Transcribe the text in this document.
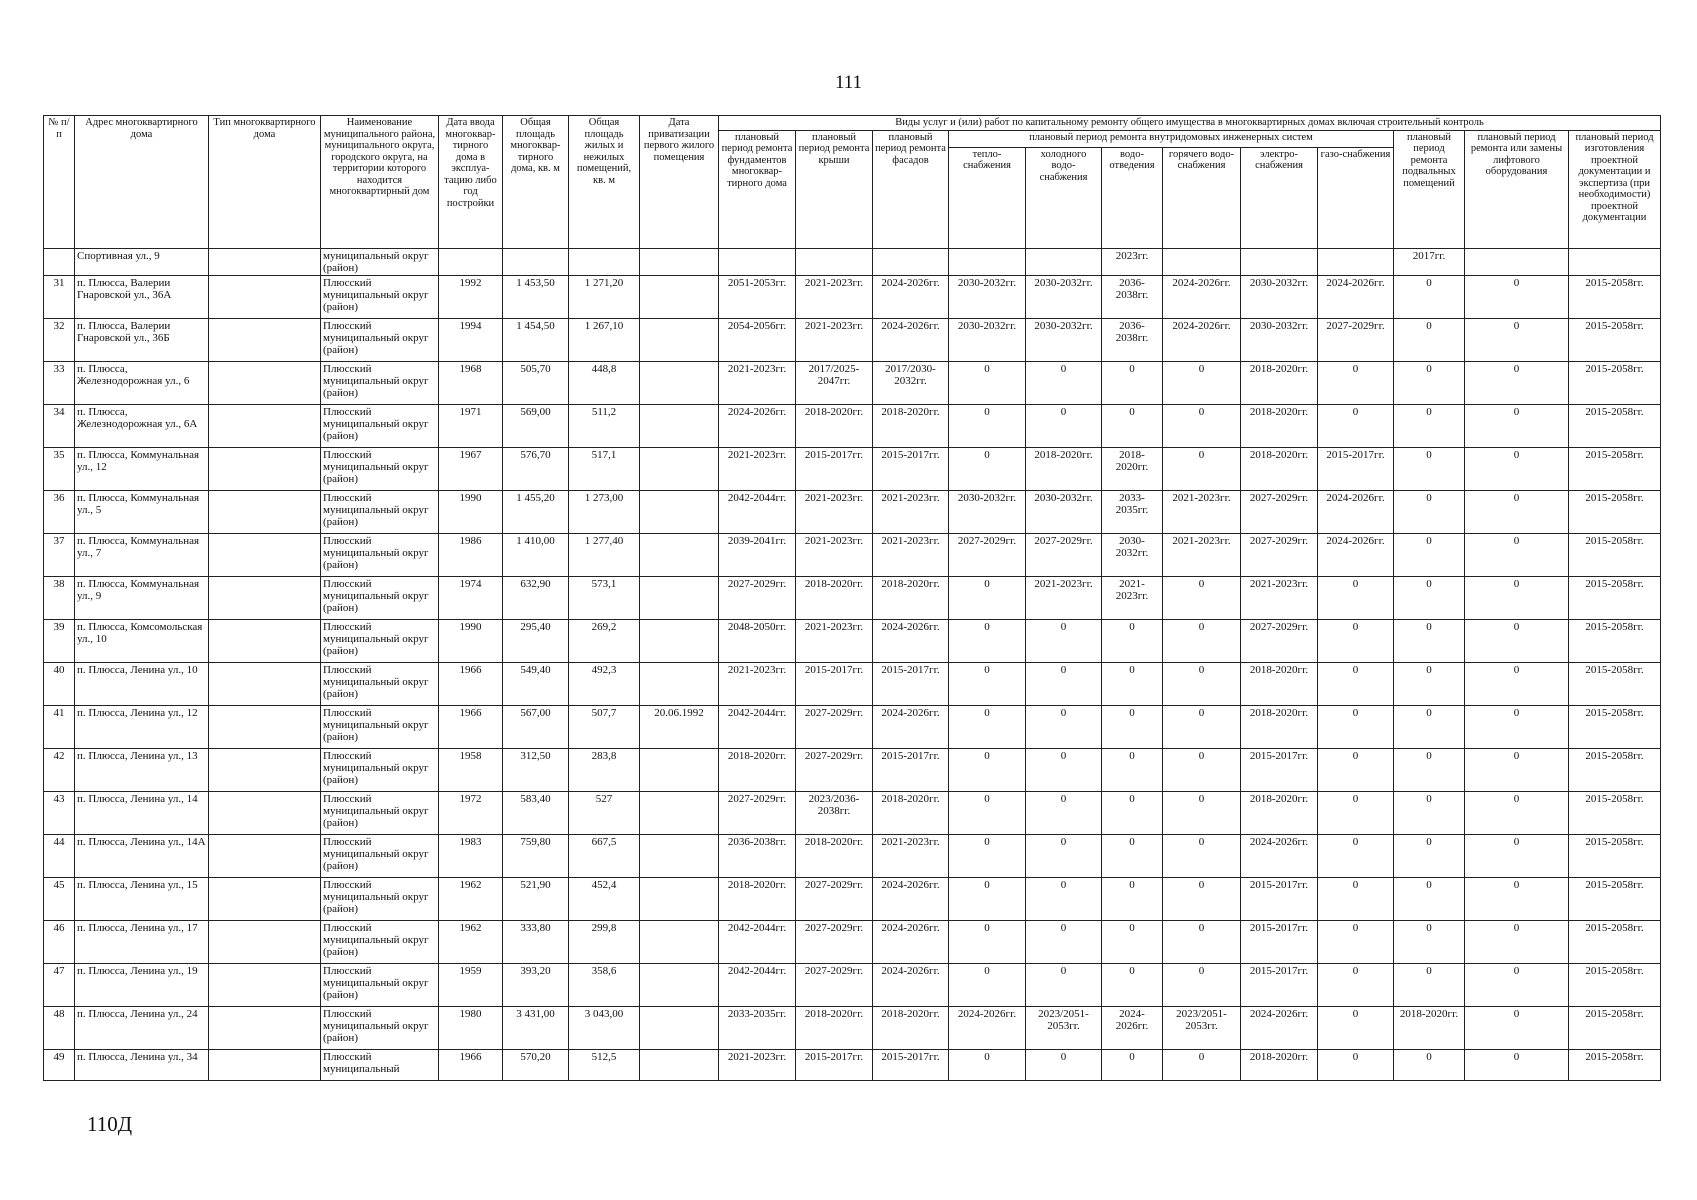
111
№ п/п	Адрес многоквартирного дома	Тип многоквартирного дома	Наименование муниципального района, муниципального округа, городского округа, на территории которого находится многоквартирный дом	Дата ввода многоквар-тирного дома в эксплуа-тацию либо год постройки	Общая площадь многоквар-тирного дома, кв. м	Общая площадь жилых и нежилых помещений, кв. м	Дата приватизации первого жилого помещения	Виды услуг и (или) работ по капитальному ремонту общего имущества в многоквартирных домах включая строительный контроль											
								плановый период ремонта фундаментов многоквар-тирного дома	плановый период ремонта крыши	плановый период ремонта фасадов	плановый период ремонта внутридомовых инженерных систем						плановый период ремонта подвальных помещений	плановый период ремонта или замены лифтового оборудования	плановый период изготовления проектной документации и экспертиза (при необходимости) проектной документации
											тепло-снабжения	холодного водо-снабжения	водо-отведения	горячего водо-снабжения	электро-снабжения	газо-снабжения			
	Спортивная ул., 9		муниципальный округ (район)										2023гг.				2017гг.		
31	п. Плюсса, Валерии Гнаровской ул., 36А		Плюсский муниципальный округ (район)	1992	1 453,50	1 271,20		2051-2053гг.	2021-2023гг.	2024-2026гг.	2030-2032гг.	2030-2032гг.	2036-2038гг.	2024-2026гг.	2030-2032гг.	2024-2026гг.	0	0	2015-2058гг.
32	п. Плюсса, Валерии Гнаровской ул., 36Б		Плюсский муниципальный округ (район)	1994	1 454,50	1 267,10		2054-2056гг.	2021-2023гг.	2024-2026гг.	2030-2032гг.	2030-2032гг.	2036-2038гг.	2024-2026гг.	2030-2032гг.	2027-2029гг.	0	0	2015-2058гг.
33	п. Плюсса, Железнодорожная ул., 6		Плюсский муниципальный округ (район)	1968	505,70	448,8		2021-2023гг.	2017/2025-2047гг.	2017/2030-2032гг.	0	0	0	0	2018-2020гг.	0	0	0	2015-2058гг.
34	п. Плюсса, Железнодорожная ул., 6А		Плюсский муниципальный округ (район)	1971	569,00	511,2		2024-2026гг.	2018-2020гг.	2018-2020гг.	0	0	0	0	2018-2020гг.	0	0	0	2015-2058гг.
35	п. Плюсса, Коммунальная ул., 12		Плюсский муниципальный округ (район)	1967	576,70	517,1		2021-2023гг.	2015-2017гг.	2015-2017гг.	0	2018-2020гг.	2018-2020гг.	0	2018-2020гг.	2015-2017гг.	0	0	2015-2058гг.
36	п. Плюсса, Коммунальная ул., 5		Плюсский муниципальный округ (район)	1990	1 455,20	1 273,00		2042-2044гг.	2021-2023гг.	2021-2023гг.	2030-2032гг.	2030-2032гг.	2033-2035гг.	2021-2023гг.	2027-2029гг.	2024-2026гг.	0	0	2015-2058гг.
37	п. Плюсса, Коммунальная ул., 7		Плюсский муниципальный округ (район)	1986	1 410,00	1 277,40		2039-2041гг.	2021-2023гг.	2021-2023гг.	2027-2029гг.	2027-2029гг.	2030-2032гг.	2021-2023гг.	2027-2029гг.	2024-2026гг.	0	0	2015-2058гг.
38	п. Плюсса, Коммунальная ул., 9		Плюсский муниципальный округ (район)	1974	632,90	573,1		2027-2029гг.	2018-2020гг.	2018-2020гг.	0	2021-2023гг.	2021-2023гг.	0	2021-2023гг.	0	0	0	2015-2058гг.
39	п. Плюсса, Комсомольская ул., 10		Плюсский муниципальный округ (район)	1990	295,40	269,2		2048-2050гг.	2021-2023гг.	2024-2026гг.	0	0	0	0	2027-2029гг.	0	0	0	2015-2058гг.
40	п. Плюсса, Ленина ул., 10		Плюсский муниципальный округ (район)	1966	549,40	492,3		2021-2023гг.	2015-2017гг.	2015-2017гг.	0	0	0	0	2018-2020гг.	0	0	0	2015-2058гг.
41	п. Плюсса, Ленина ул., 12		Плюсский муниципальный округ (район)	1966	567,00	507,7	20.06.1992	2042-2044гг.	2027-2029гг.	2024-2026гг.	0	0	0	0	2018-2020гг.	0	0	0	2015-2058гг.
42	п. Плюсса, Ленина ул., 13		Плюсский муниципальный округ (район)	1958	312,50	283,8		2018-2020гг.	2027-2029гг.	2015-2017гг.	0	0	0	0	2015-2017гг.	0	0	0	2015-2058гг.
43	п. Плюсса, Ленина ул., 14		Плюсский муниципальный округ (район)	1972	583,40	527		2027-2029гг.	2023/2036-2038гг.	2018-2020гг.	0	0	0	0	2018-2020гг.	0	0	0	2015-2058гг.
44	п. Плюсса, Ленина ул., 14А		Плюсский муниципальный округ (район)	1983	759,80	667,5		2036-2038гг.	2018-2020гг.	2021-2023гг.	0	0	0	0	2024-2026гг.	0	0	0	2015-2058гг.
45	п. Плюсса, Ленина ул., 15		Плюсский муниципальный округ (район)	1962	521,90	452,4		2018-2020гг.	2027-2029гг.	2024-2026гг.	0	0	0	0	2015-2017гг.	0	0	0	2015-2058гг.
46	п. Плюсса, Ленина ул., 17		Плюсский муниципальный округ (район)	1962	333,80	299,8		2042-2044гг.	2027-2029гг.	2024-2026гг.	0	0	0	0	2015-2017гг.	0	0	0	2015-2058гг.
47	п. Плюсса, Ленина ул., 19		Плюсский муниципальный округ (район)	1959	393,20	358,6		2042-2044гг.	2027-2029гг.	2024-2026гг.	0	0	0	0	2015-2017гг.	0	0	0	2015-2058гг.
48	п. Плюсса, Ленина ул., 24		Плюсский муниципальный округ (район)	1980	3 431,00	3 043,00		2033-2035гг.	2018-2020гг.	2018-2020гг.	2024-2026гг.	2023/2051-2053гг.	2024-2026гг.	2023/2051-2053гг.	2024-2026гг.	0	2018-2020гг.	0	2015-2058гг.
49	п. Плюсса, Ленина ул., 34		Плюсский муниципальный	1966	570,20	512,5		2021-2023гг.	2015-2017гг.	2015-2017гг.	0	0	0	0	2018-2020гг.	0	0	0	2015-2058гг.
110Д
